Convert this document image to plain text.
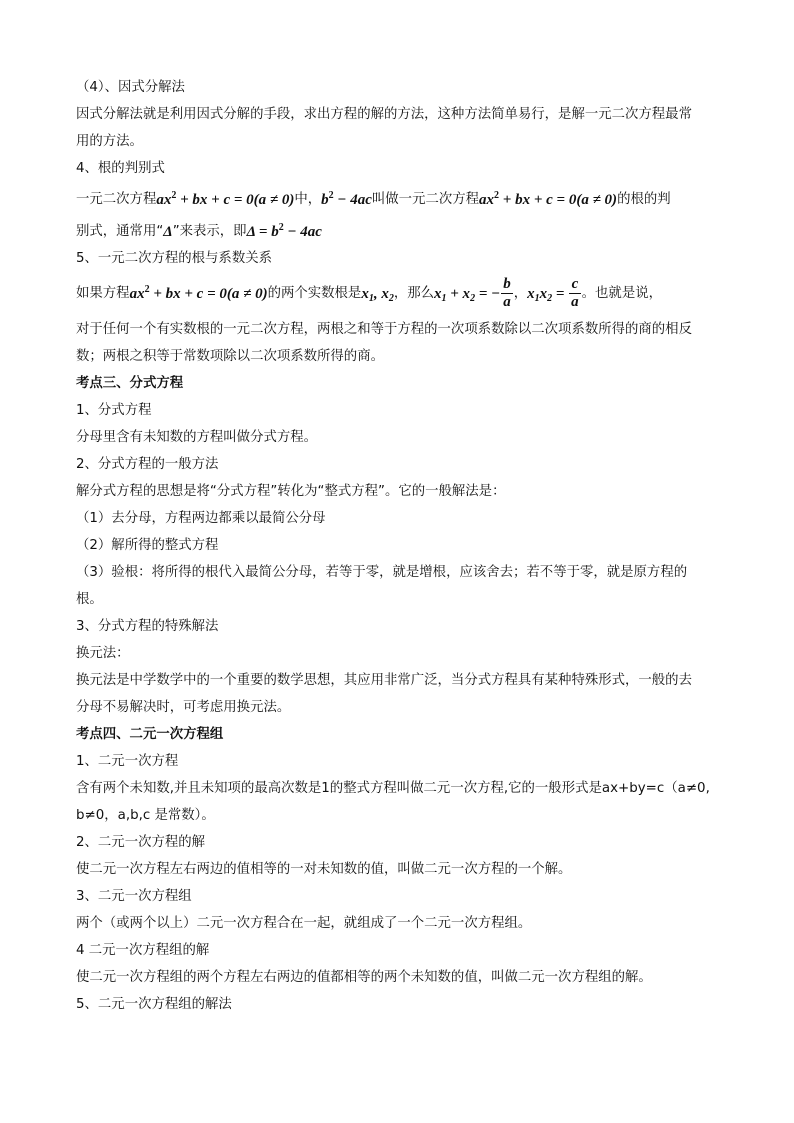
（4）、因式分解法
因式分解法就是利用因式分解的手段，求出方程的解的方法，这种方法简单易行，是解一元二次方程最常
用的方法。
4、根的判别式
一元二次方程$ax^2$ + bx + c = 0(a ≠ 0)中，$b^2 - 4ac$叫做一元二次方程$ax^2$ + bx + c = 0(a ≠ 0)的根的判
别式，通常用“Δ”来表示，即$\Delta = b^2 - 4ac$
5、一元二次方程的根与系数关系
如果方程$ax^2$ + bx + c = 0(a ≠ 0)的两个实数根是$x_1$, $x_2$，那么$x_1 + x_2$ = − $\frac{b}{a}$ ，$x_1x_2 = \frac{c}{a}$ 。也就是说，
对于任何一个有实数根的一元二次方程，两根之和等于方程的一次项系数除以二次项系数所得的商的相反
数；两根之积等于常数项除以二次项系数所得的商。
考点三、分式方程
1、分式方程
分母里含有未知数的方程叫做分式方程。
2、分式方程的一般方法
解分式方程的思想是将“分式方程”转化为“整式方程”。它的一般解法是：
（1）去分母，方程两边都乘以最简公分母
（2）解所得的整式方程
（3）验根：将所得的根代入最简公分母，若等于零，就是增根，应该舍去；若不等于零，就是原方程的
根。
3、分式方程的特殊解法
换元法：
换元法是中学数学中的一个重要的数学思想，其应用非常广泛，当分式方程具有某种特殊形式，一般的去
分母不易解决时，可考虑用换元法。
考点四、二元一次方程组
1、二元一次方程
含有两个未知数,并且未知项的最高次数是1的整式方程叫做二元一次方程,它的一般形式是ax+by=c（a≠0,
b≠0，a,b,c 是常数）。
2、二元一次方程的解
使二元一次方程左右两边的值相等的一对未知数的值，叫做二元一次方程的一个解。
3、二元一次方程组
两个（或两个以上）二元一次方程合在一起，就组成了一个二元一次方程组。
4 二元一次方程组的解
使二元一次方程组的两个方程左右两边的值都相等的两个未知数的值，叫做二元一次方程组的解。
5、二元一次方程组的解法
